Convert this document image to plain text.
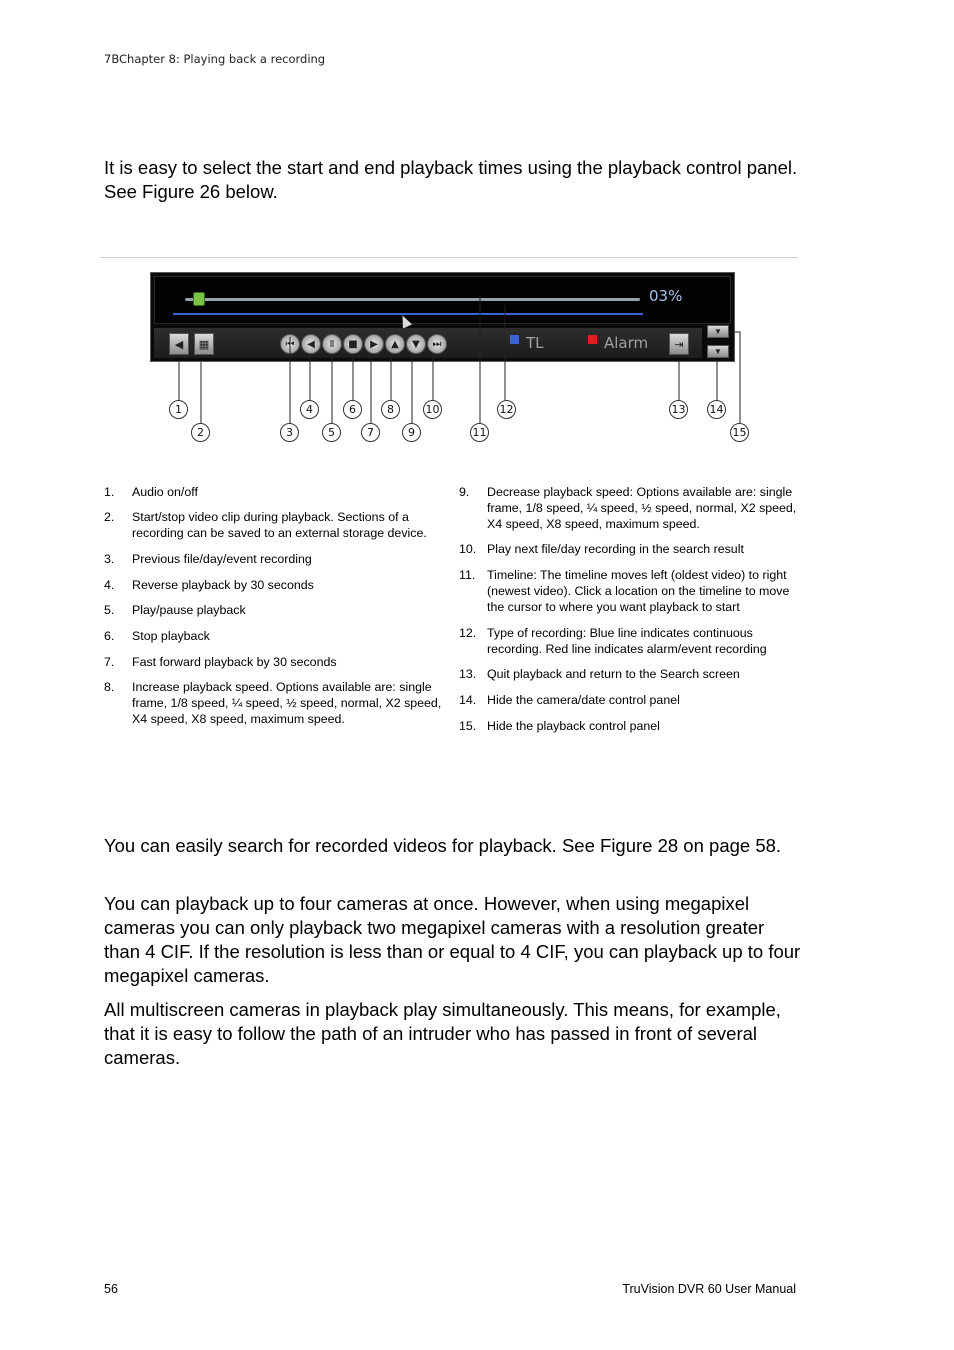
7BChapter 8: Playing back a recording

It is easy to select the start and end playback times using the playback control panel. See Figure 26 below.

03%
◀	▦	⏮	◀	Ⅱ	■	▶	▲	▼	⏭	TL	Alarm	⇥
▼
▼
1
2	3
4
5
6
7
8
9
10
11
12	13 14
15
1. Audio on/off
2. Start/stop video clip during playback. Sections of a recording can be saved to an external storage device.
3. Previous file/day/event recording
4. Reverse playback by 30 seconds
5. Play/pause playback
6. Stop playback
7. Fast forward playback by 30 seconds
8. Increase playback speed. Options available are: single frame, 1/8 speed, ¼ speed, ½ speed, normal, X2 speed, X4 speed, X8 speed, maximum speed.
9. Decrease playback speed: Options available are: single frame, 1/8 speed, ¼ speed, ½ speed, normal, X2 speed, X4 speed, X8 speed, maximum speed.
10. Play next file/day recording in the search result
11. Timeline: The timeline moves left (oldest video) to right (newest video). Click a location on the timeline to move the cursor to where you want playback to start
12. Type of recording: Blue line indicates continuous recording. Red line indicates alarm/event recording
13. Quit playback and return to the Search screen
14. Hide the camera/date control panel
15. Hide the playback control panel

You can easily search for recorded videos for playback. See Figure 28 on page 58.

You can playback up to four cameras at once. However, when using megapixel cameras you can only playback two megapixel cameras with a resolution greater than 4 CIF. If the resolution is less than or equal to 4 CIF, you can playback up to four megapixel cameras.

All multiscreen cameras in playback play simultaneously. This means, for example, that it is easy to follow the path of an intruder who has passed in front of several cameras.

56	TruVision DVR 60 User Manual
